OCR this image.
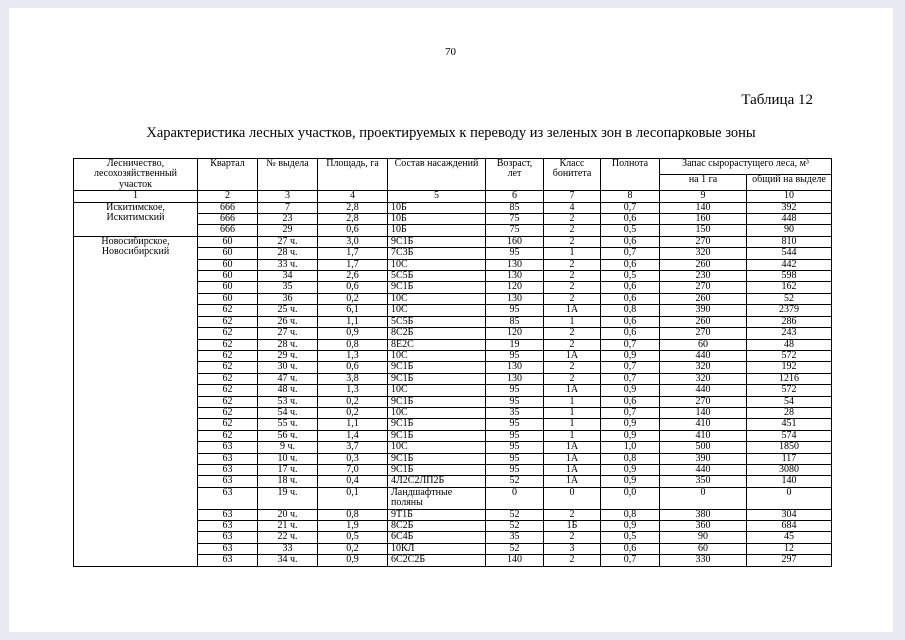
70
Таблица 12
Характеристика лесных участков, проектируемых к переводу из зеленых зон в лесопарковые зоны
Лесничество, лесохозяйственный участок	Квартал	№ выдела	Площадь, га	Состав насаждений	Возраст, лет	Класс бонитета	Полнота	Запас сырорастущего леса, м³	
								на 1 га	общий на выделе
1	2	3	4	5	6	7	8	9	10
Искитимское, Искитимский	666	7	2,8	10Б	85	4	0,7	140	392
	666	23	2,8	10Б	75	2	0,6	160	448
	666	29	0,6	10Б	75	2	0,5	150	90
Новосибирское, Новосибирский	60	27 ч.	3,0	9С1Б	160	2	0,6	270	810
	60	28 ч.	1,7	7С3Б	95	1	0,7	320	544
	60	33 ч.	1,7	10С	130	2	0,6	260	442
	60	34	2,6	5С5Б	130	2	0,5	230	598
	60	35	0,6	9С1Б	120	2	0,6	270	162
	60	36	0,2	10С	130	2	0,6	260	52
	62	25 ч.	6,1	10С	95	1А	0,8	390	2379
	62	26 ч.	1,1	5С5Б	85	1	0,6	260	286
	62	27 ч.	0,9	8С2Б	120	2	0,6	270	243
	62	28 ч.	0,8	8Е2С	19	2	0,7	60	48
	62	29 ч.	1,3	10С	95	1А	0,9	440	572
	62	30 ч.	0,6	9С1Б	130	2	0,7	320	192
	62	47 ч.	3,8	9С1Б	130	2	0,7	320	1216
	62	48 ч.	1,3	10С	95	1А	0,9	440	572
	62	53 ч.	0,2	9С1Б	95	1	0,6	270	54
	62	54 ч.	0,2	10С	35	1	0,7	140	28
	62	55 ч.	1,1	9С1Б	95	1	0,9	410	451
	62	56 ч.	1,4	9С1Б	95	1	0,9	410	574
	63	9 ч.	3,7	10С	95	1А	1,0	500	1850
	63	10 ч.	0,3	9С1Б	95	1А	0,8	390	117
	63	17 ч.	7,0	9С1Б	95	1А	0,9	440	3080
	63	18 ч.	0,4	4Л2С2ЛП2Б	52	1А	0,9	350	140
	63	19 ч.	0,1	Ландшафтные поляны	0	0	0,0	0	0
	63	20 ч.	0,8	9Т1Б	52	2	0,8	380	304
	63	21 ч.	1,9	8С2Б	52	1Б	0,9	360	684
	63	22 ч.	0,5	6С4Б	35	2	0,5	90	45
	63	33	0,2	10КЛ	52	3	0,6	60	12
	63	34 ч.	0,9	6С2С2Б	140	2	0,7	330	297
